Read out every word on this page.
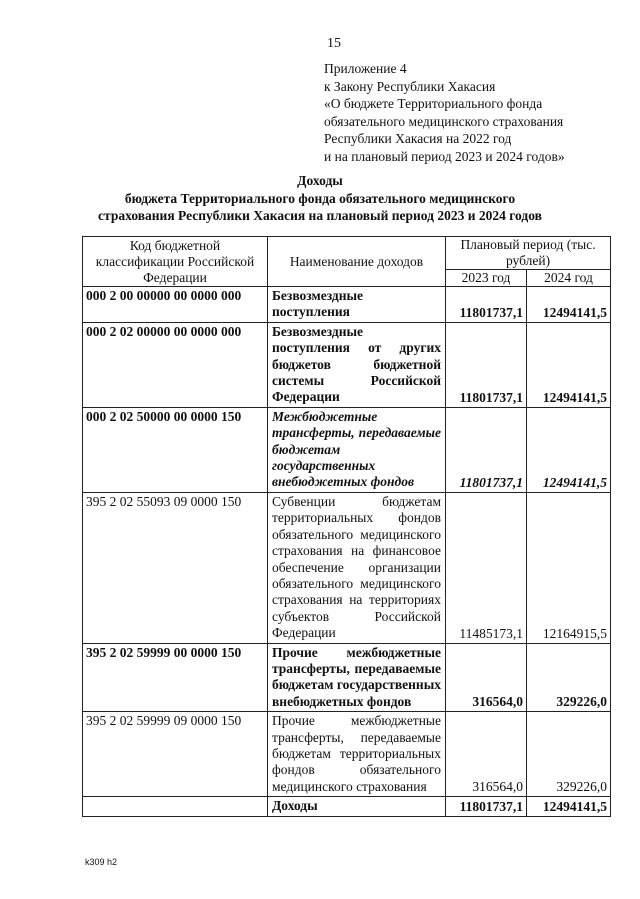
15
Приложение 4
к Закону Республики Хакасия
«О бюджете Территориального фонда
обязательного медицинского страхования
Республики Хакасия на 2022 год
и на плановый период 2023 и 2024 годов»
Доходы
бюджета Территориального фонда обязательного медицинского
страхования Республики Хакасия на плановый период 2023 и 2024 годов
Код бюджетной классификации Российской Федерации	Наименование доходов	Плановый период (тыс. рублей)	
		2023 год	2024 год
000 2 00 00000 00 0000 000	Безвозмездные поступления	11801737,1	12494141,5
000 2 02 00000 00 0000 000	Безвозмездные поступления от других бюджетов бюджетной системы Российской Федерации	11801737,1	12494141,5
000 2 02 50000 00 0000 150	Межбюджетные трансферты, передаваемые бюджетам государственных внебюджетных фондов	11801737,1	12494141,5
395 2 02 55093 09 0000 150	Субвенции бюджетам территориальных фондов обязательного медицинского страхования на финансовое обеспечение организации обязательного медицинского страхования на территориях субъектов Российской Федерации	11485173,1	12164915,5
395 2 02 59999 00 0000 150	Прочие межбюджетные трансферты, передаваемые бюджетам государственных внебюджетных фондов	316564,0	329226,0
395 2 02 59999 09 0000 150	Прочие межбюджетные трансферты, передаваемые бюджетам территориальных фондов обязательного медицинского страхования	316564,0	329226,0
	Доходы	11801737,1	12494141,5
k309 h2
